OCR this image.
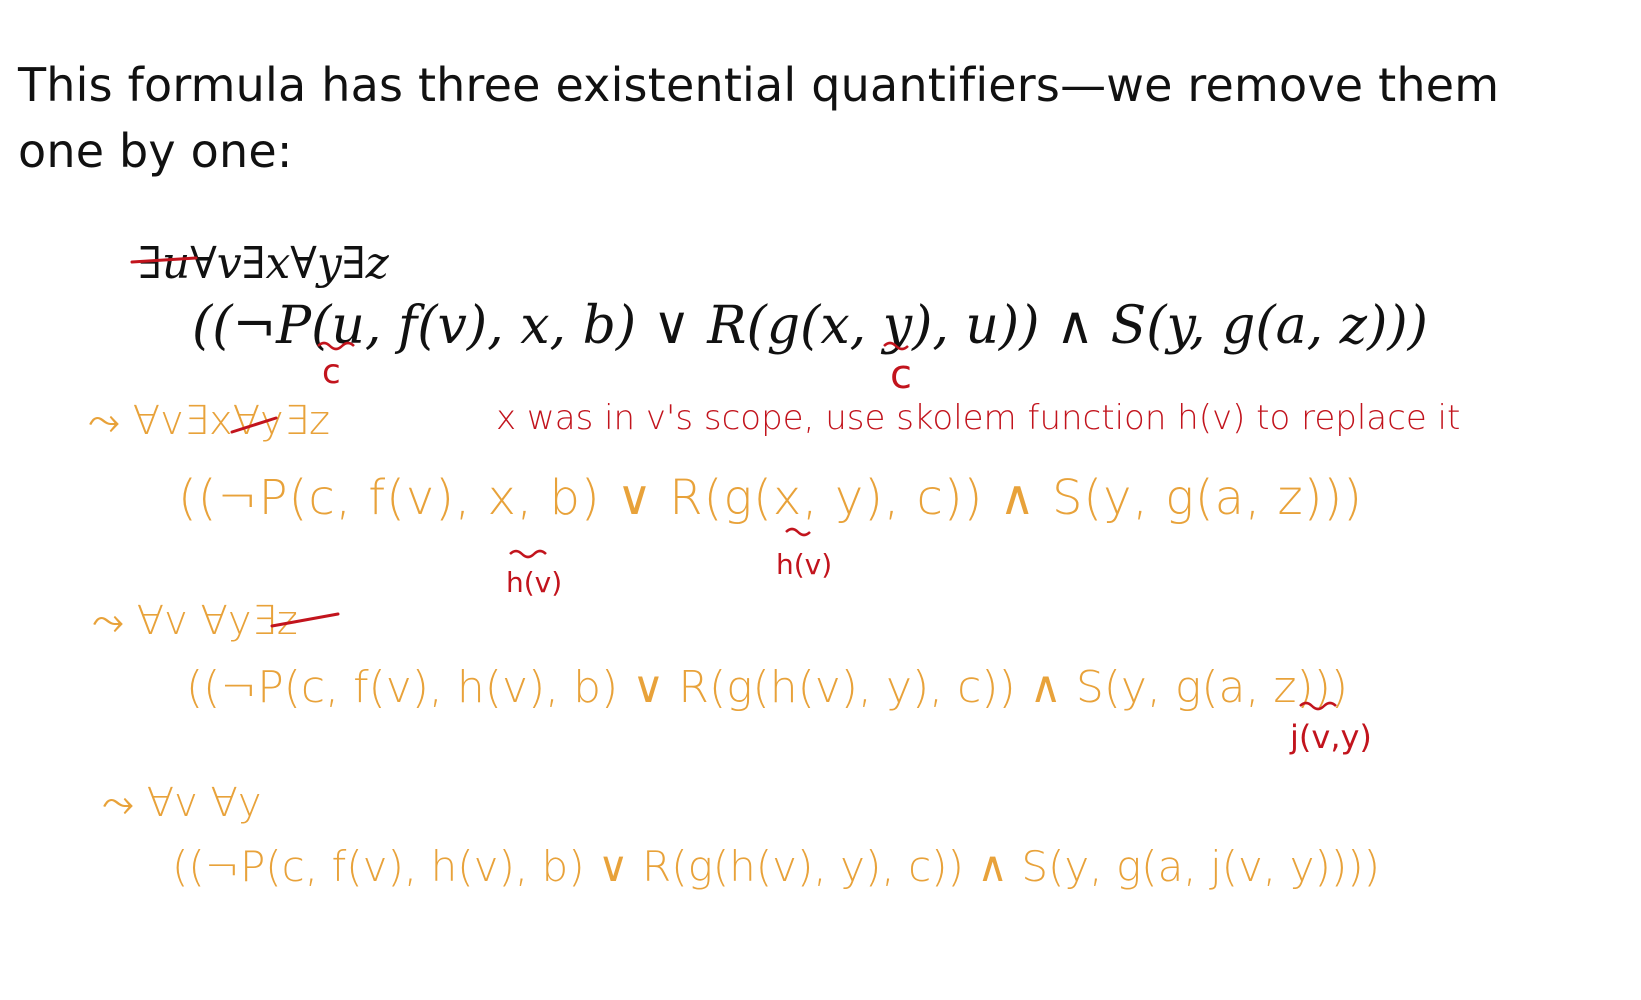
This formula has three existential quantifiers—we remove them one by one:
∃u∀v∃x∀y∃z
((¬P(u, f(v), x, b) ∨ R(g(x, y), u)) ∧ S(y, g(a, z)))
c	c
⤳ ∀v∃x∀y∃z	x was in v's scope, use skolem function h(v) to replace it
((¬P(c, f(v), x, b) ∨ R(g(x, y), c)) ∧ S(y, g(a, z)))
h(v)
h(v)
⤳ ∀v ∀y∃z
((¬P(c, f(v), h(v), b) ∨ R(g(h(v), y), c)) ∧ S(y, g(a, z)))
j(v,y)
⤳ ∀v ∀y
((¬P(c, f(v), h(v), b) ∨ R(g(h(v), y), c)) ∧ S(y, g(a, j(v, y))))
